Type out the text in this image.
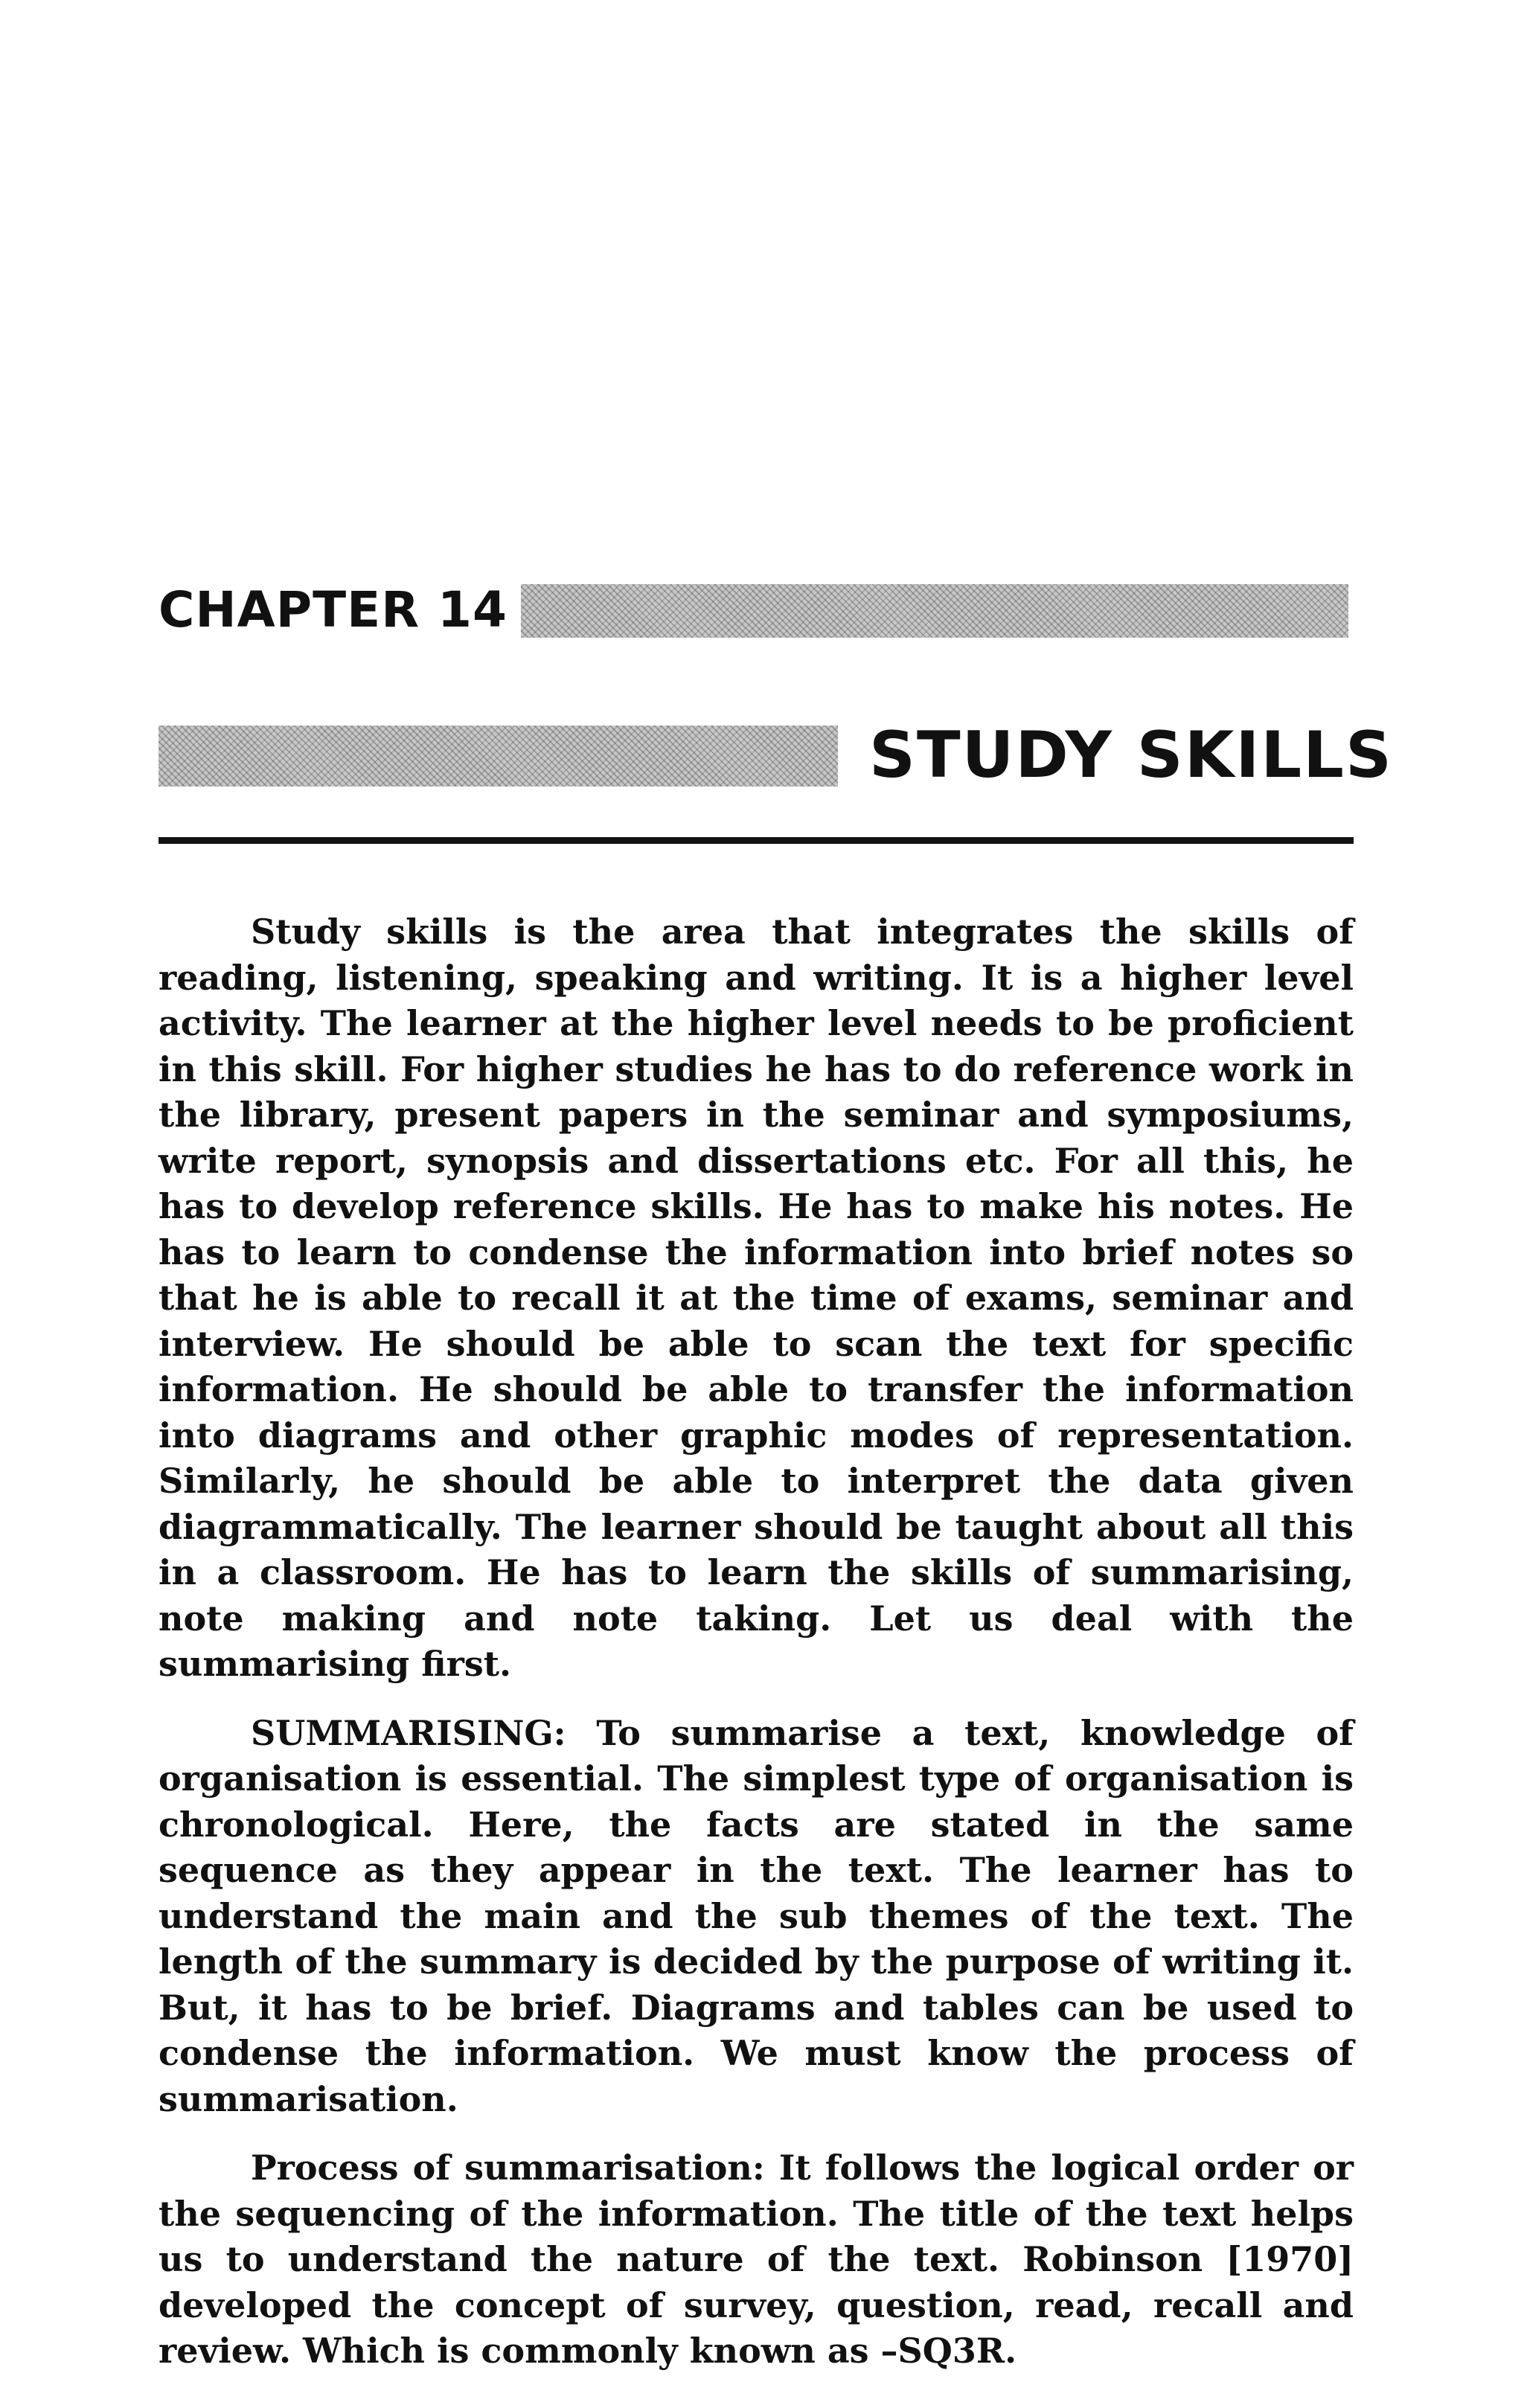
CHAPTER 14
STUDY SKILLS

Study skills is the area that integrates the skills of reading, listening, speaking and writing. It is a higher level activity. The learner at the higher level needs to be proficient in this skill. For higher studies he has to do reference work in the library, present papers in the seminar and symposiums, write report, synopsis and dissertations etc. For all this, he has to develop reference skills. He has to make his notes. He has to learn to condense the information into brief notes so that he is able to recall it at the time of exams, seminar and interview. He should be able to scan the text for specific information. He should be able to transfer the information into diagrams and other graphic modes of representation. Similarly, he should be able to interpret the data given diagrammatically. The learner should be taught about all this in a classroom. He has to learn the skills of summarising, note making and note taking. Let us deal with the summarising first.

SUMMARISING: To summarise a text, knowledge of organisation is essential. The simplest type of organisation is chronological. Here, the facts are stated in the same sequence as they appear in the text. The learner has to understand the main and the sub themes of the text. The length of the summary is decided by the purpose of writing it. But, it has to be brief. Diagrams and tables can be used to condense the information. We must know the process of summarisation.

Process of summarisation: It follows the logical order or the sequencing of the information. The title of the text helps us to understand the nature of the text. Robinson [1970] developed the concept of survey, question, read, recall and review. Which is commonly known as –SQ3R.
